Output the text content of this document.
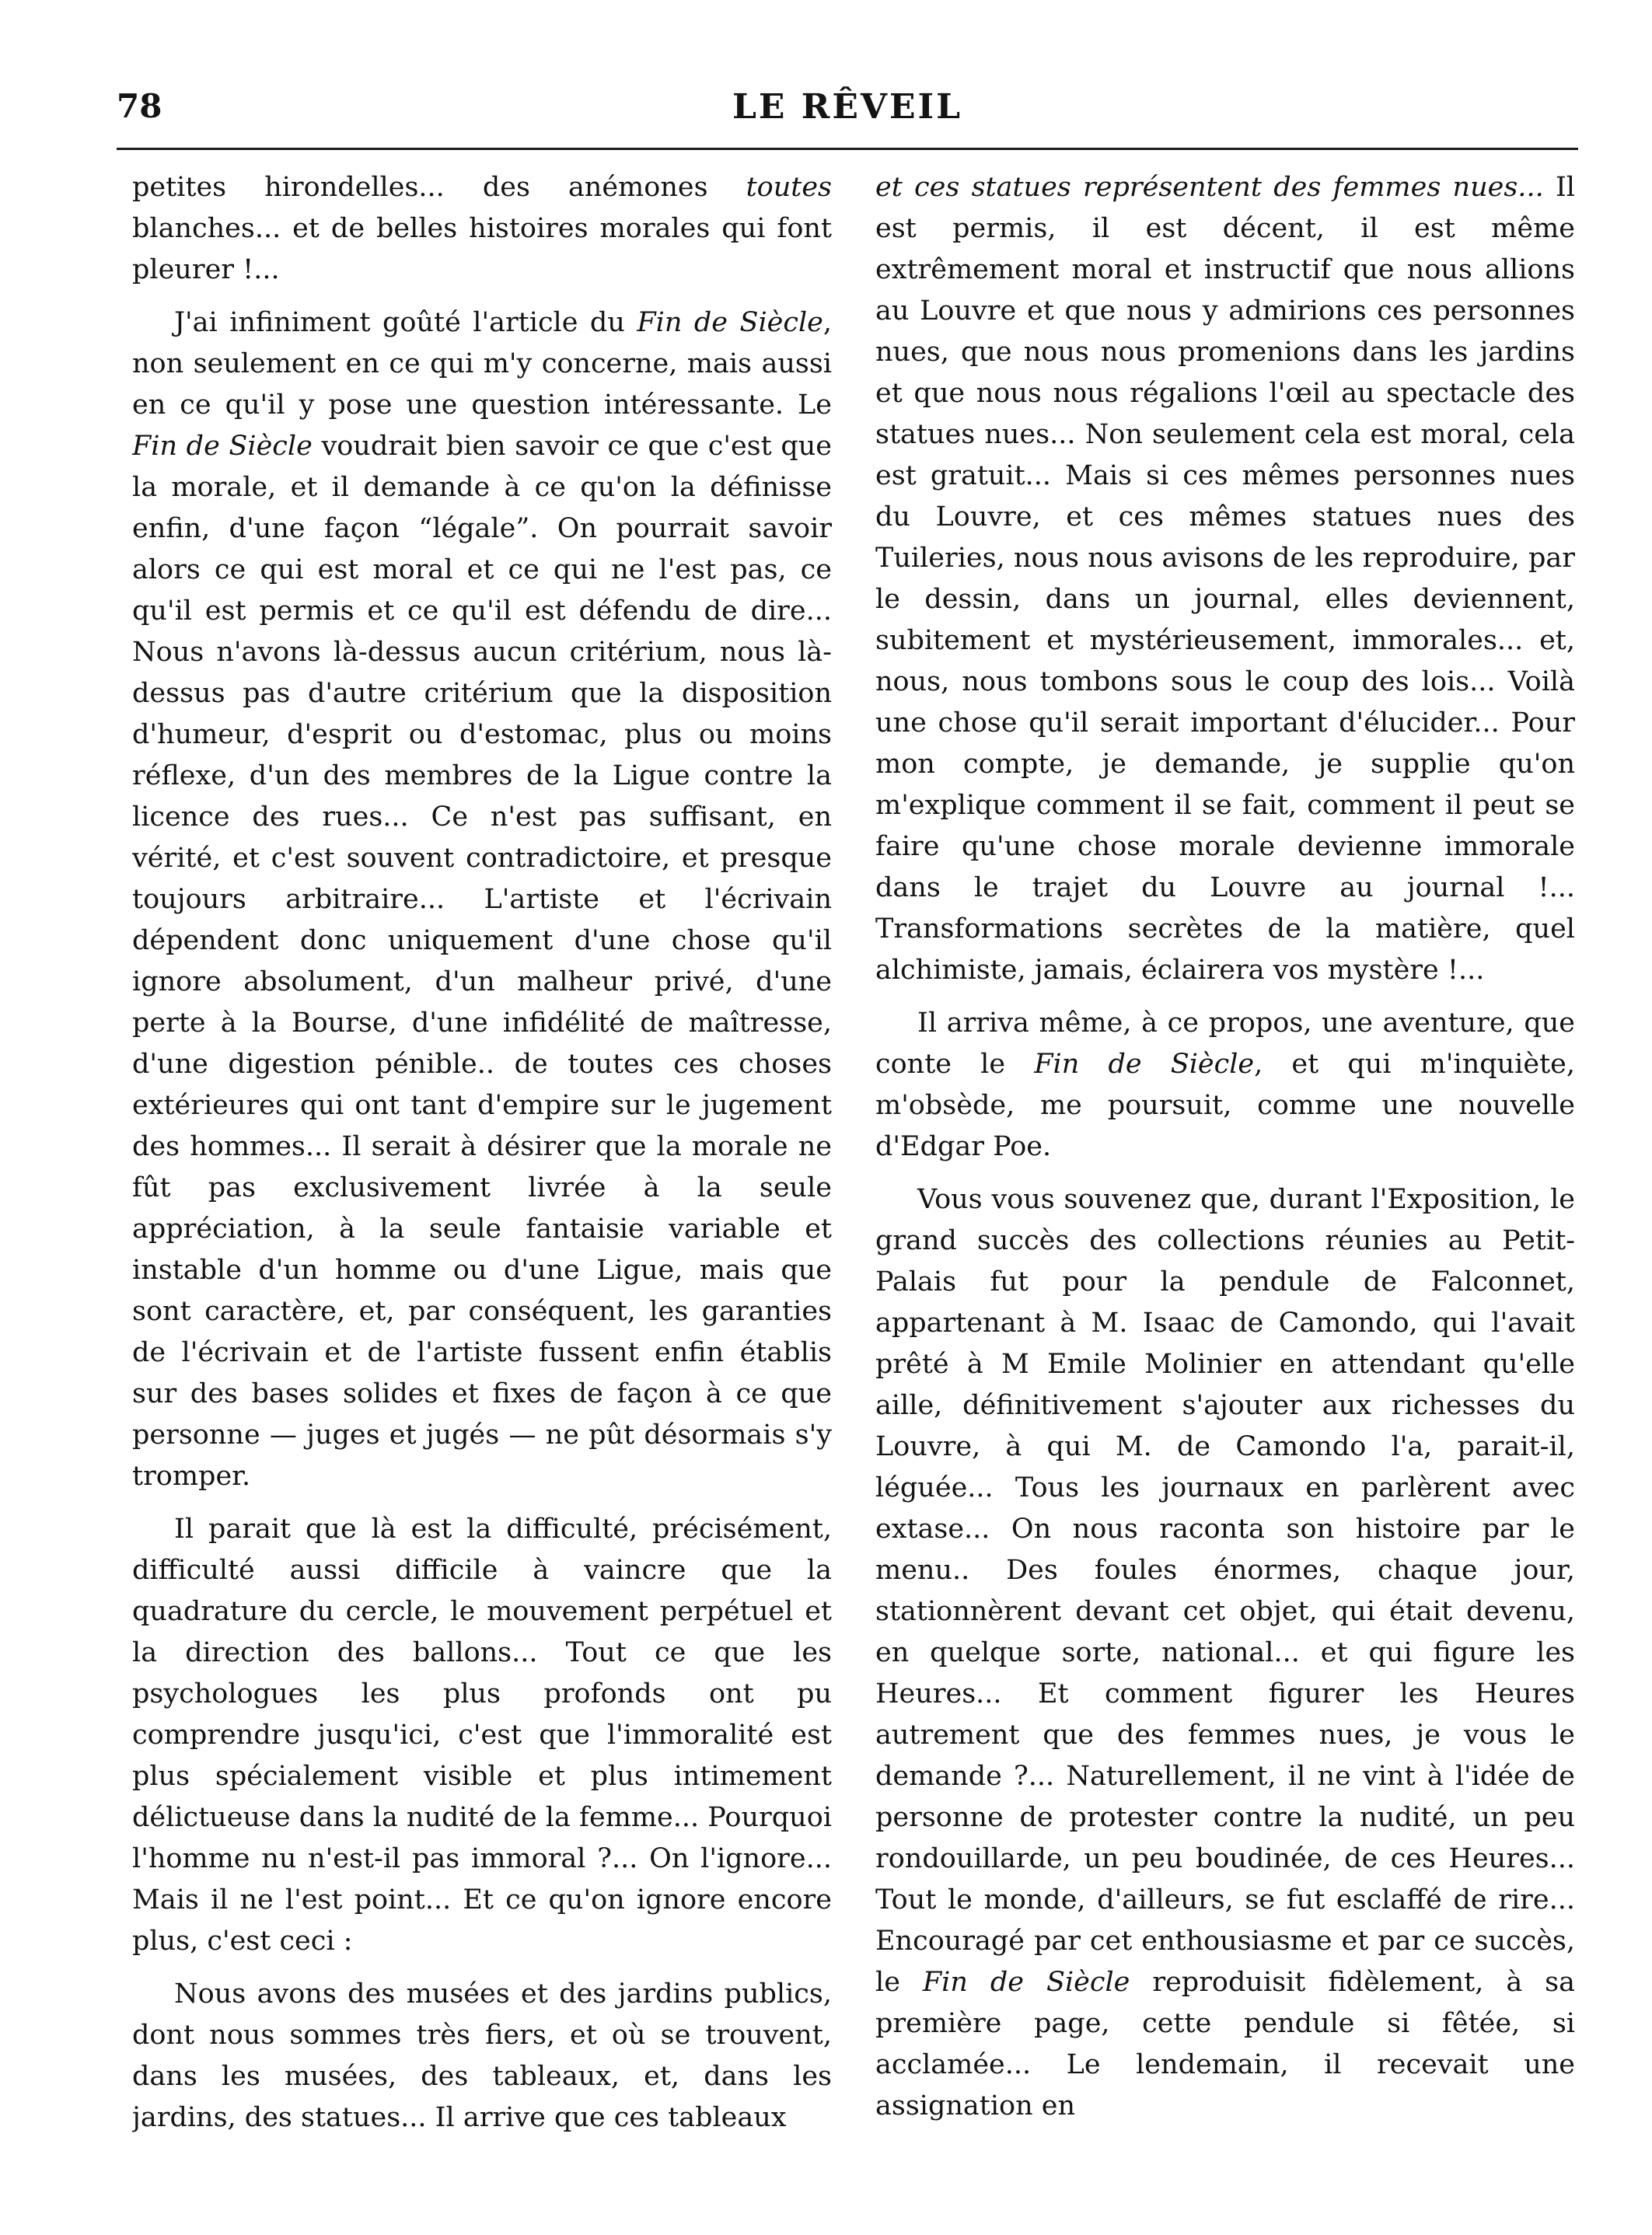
78	LE RÊVEIL

petites hirondelles... des anémones toutes blanches... et de belles histoires morales qui font pleurer !...

J'ai infiniment goûté l'article du Fin de Siècle, non seulement en ce qui m'y concerne, mais aussi en ce qu'il y pose une question intéressante. Le Fin de Siècle voudrait bien savoir ce que c'est que la morale, et il demande à ce qu'on la définisse enfin, d'une façon “légale”. On pourrait savoir alors ce qui est moral et ce qui ne l'est pas, ce qu'il est permis et ce qu'il est défendu de dire... Nous n'avons là-dessus aucun critérium, nous là-dessus pas d'autre critérium que la disposition d'humeur, d'esprit ou d'estomac, plus ou moins réflexe, d'un des membres de la Ligue contre la licence des rues... Ce n'est pas suffisant, en vérité, et c'est souvent contradictoire, et presque toujours arbitraire... L'artiste et l'écrivain dépendent donc uniquement d'une chose qu'il ignore absolument, d'un malheur privé, d'une perte à la Bourse, d'une infidélité de maîtresse, d'une digestion pénible.. de toutes ces choses extérieures qui ont tant d'empire sur le jugement des hommes... Il serait à désirer que la morale ne fût pas exclusivement livrée à la seule appréciation, à la seule fantaisie variable et instable d'un homme ou d'une Ligue, mais que sont caractère, et, par conséquent, les garanties de l'écrivain et de l'artiste fussent enfin établis sur des bases solides et fixes de façon à ce que personne — juges et jugés — ne pût désormais s'y tromper.

Il parait que là est la difficulté, précisément, difficulté aussi difficile à vaincre que la quadrature du cercle, le mouvement perpétuel et la direction des ballons... Tout ce que les psychologues les plus profonds ont pu comprendre jusqu'ici, c'est que l'immoralité est plus spécialement visible et plus intimement délictueuse dans la nudité de la femme... Pourquoi l'homme nu n'est-il pas immoral ?... On l'ignore... Mais il ne l'est point... Et ce qu'on ignore encore plus, c'est ceci :

Nous avons des musées et des jardins publics, dont nous sommes très fiers, et où se trouvent, dans les musées, des tableaux, et, dans les jardins, des statues... Il arrive que ces tableaux

et ces statues représentent des femmes nues... Il est permis, il est décent, il est même extrêmement moral et instructif que nous allions au Louvre et que nous y admirions ces personnes nues, que nous nous promenions dans les jardins et que nous nous régalions l'œil au spectacle des statues nues... Non seulement cela est moral, cela est gratuit... Mais si ces mêmes personnes nues du Louvre, et ces mêmes statues nues des Tuileries, nous nous avisons de les reproduire, par le dessin, dans un journal, elles deviennent, subitement et mystérieusement, immorales... et, nous, nous tombons sous le coup des lois... Voilà une chose qu'il serait important d'élucider... Pour mon compte, je demande, je supplie qu'on m'explique comment il se fait, comment il peut se faire qu'une chose morale devienne immorale dans le trajet du Louvre au journal !... Transformations secrètes de la matière, quel alchimiste, jamais, éclairera vos mystère !...

Il arriva même, à ce propos, une aventure, que conte le Fin de Siècle, et qui m'inquiète, m'obsède, me poursuit, comme une nouvelle d'Edgar Poe.

Vous vous souvenez que, durant l'Exposition, le grand succès des collections réunies au Petit-Palais fut pour la pendule de Falconnet, appartenant à M. Isaac de Camondo, qui l'avait prêté à M Emile Molinier en attendant qu'elle aille, définitivement s'ajouter aux richesses du Louvre, à qui M. de Camondo l'a, parait-il, léguée... Tous les journaux en parlèrent avec extase... On nous raconta son histoire par le menu.. Des foules énormes, chaque jour, stationnèrent devant cet objet, qui était devenu, en quelque sorte, national... et qui figure les Heures... Et comment figurer les Heures autrement que des femmes nues, je vous le demande ?... Naturellement, il ne vint à l'idée de personne de protester contre la nudité, un peu rondouillarde, un peu boudinée, de ces Heures... Tout le monde, d'ailleurs, se fut esclaffé de rire... Encouragé par cet enthousiasme et par ce succès, le Fin de Siècle reproduisit fidèlement, à sa première page, cette pendule si fêtée, si acclamée... Le lendemain, il recevait une assignation en
